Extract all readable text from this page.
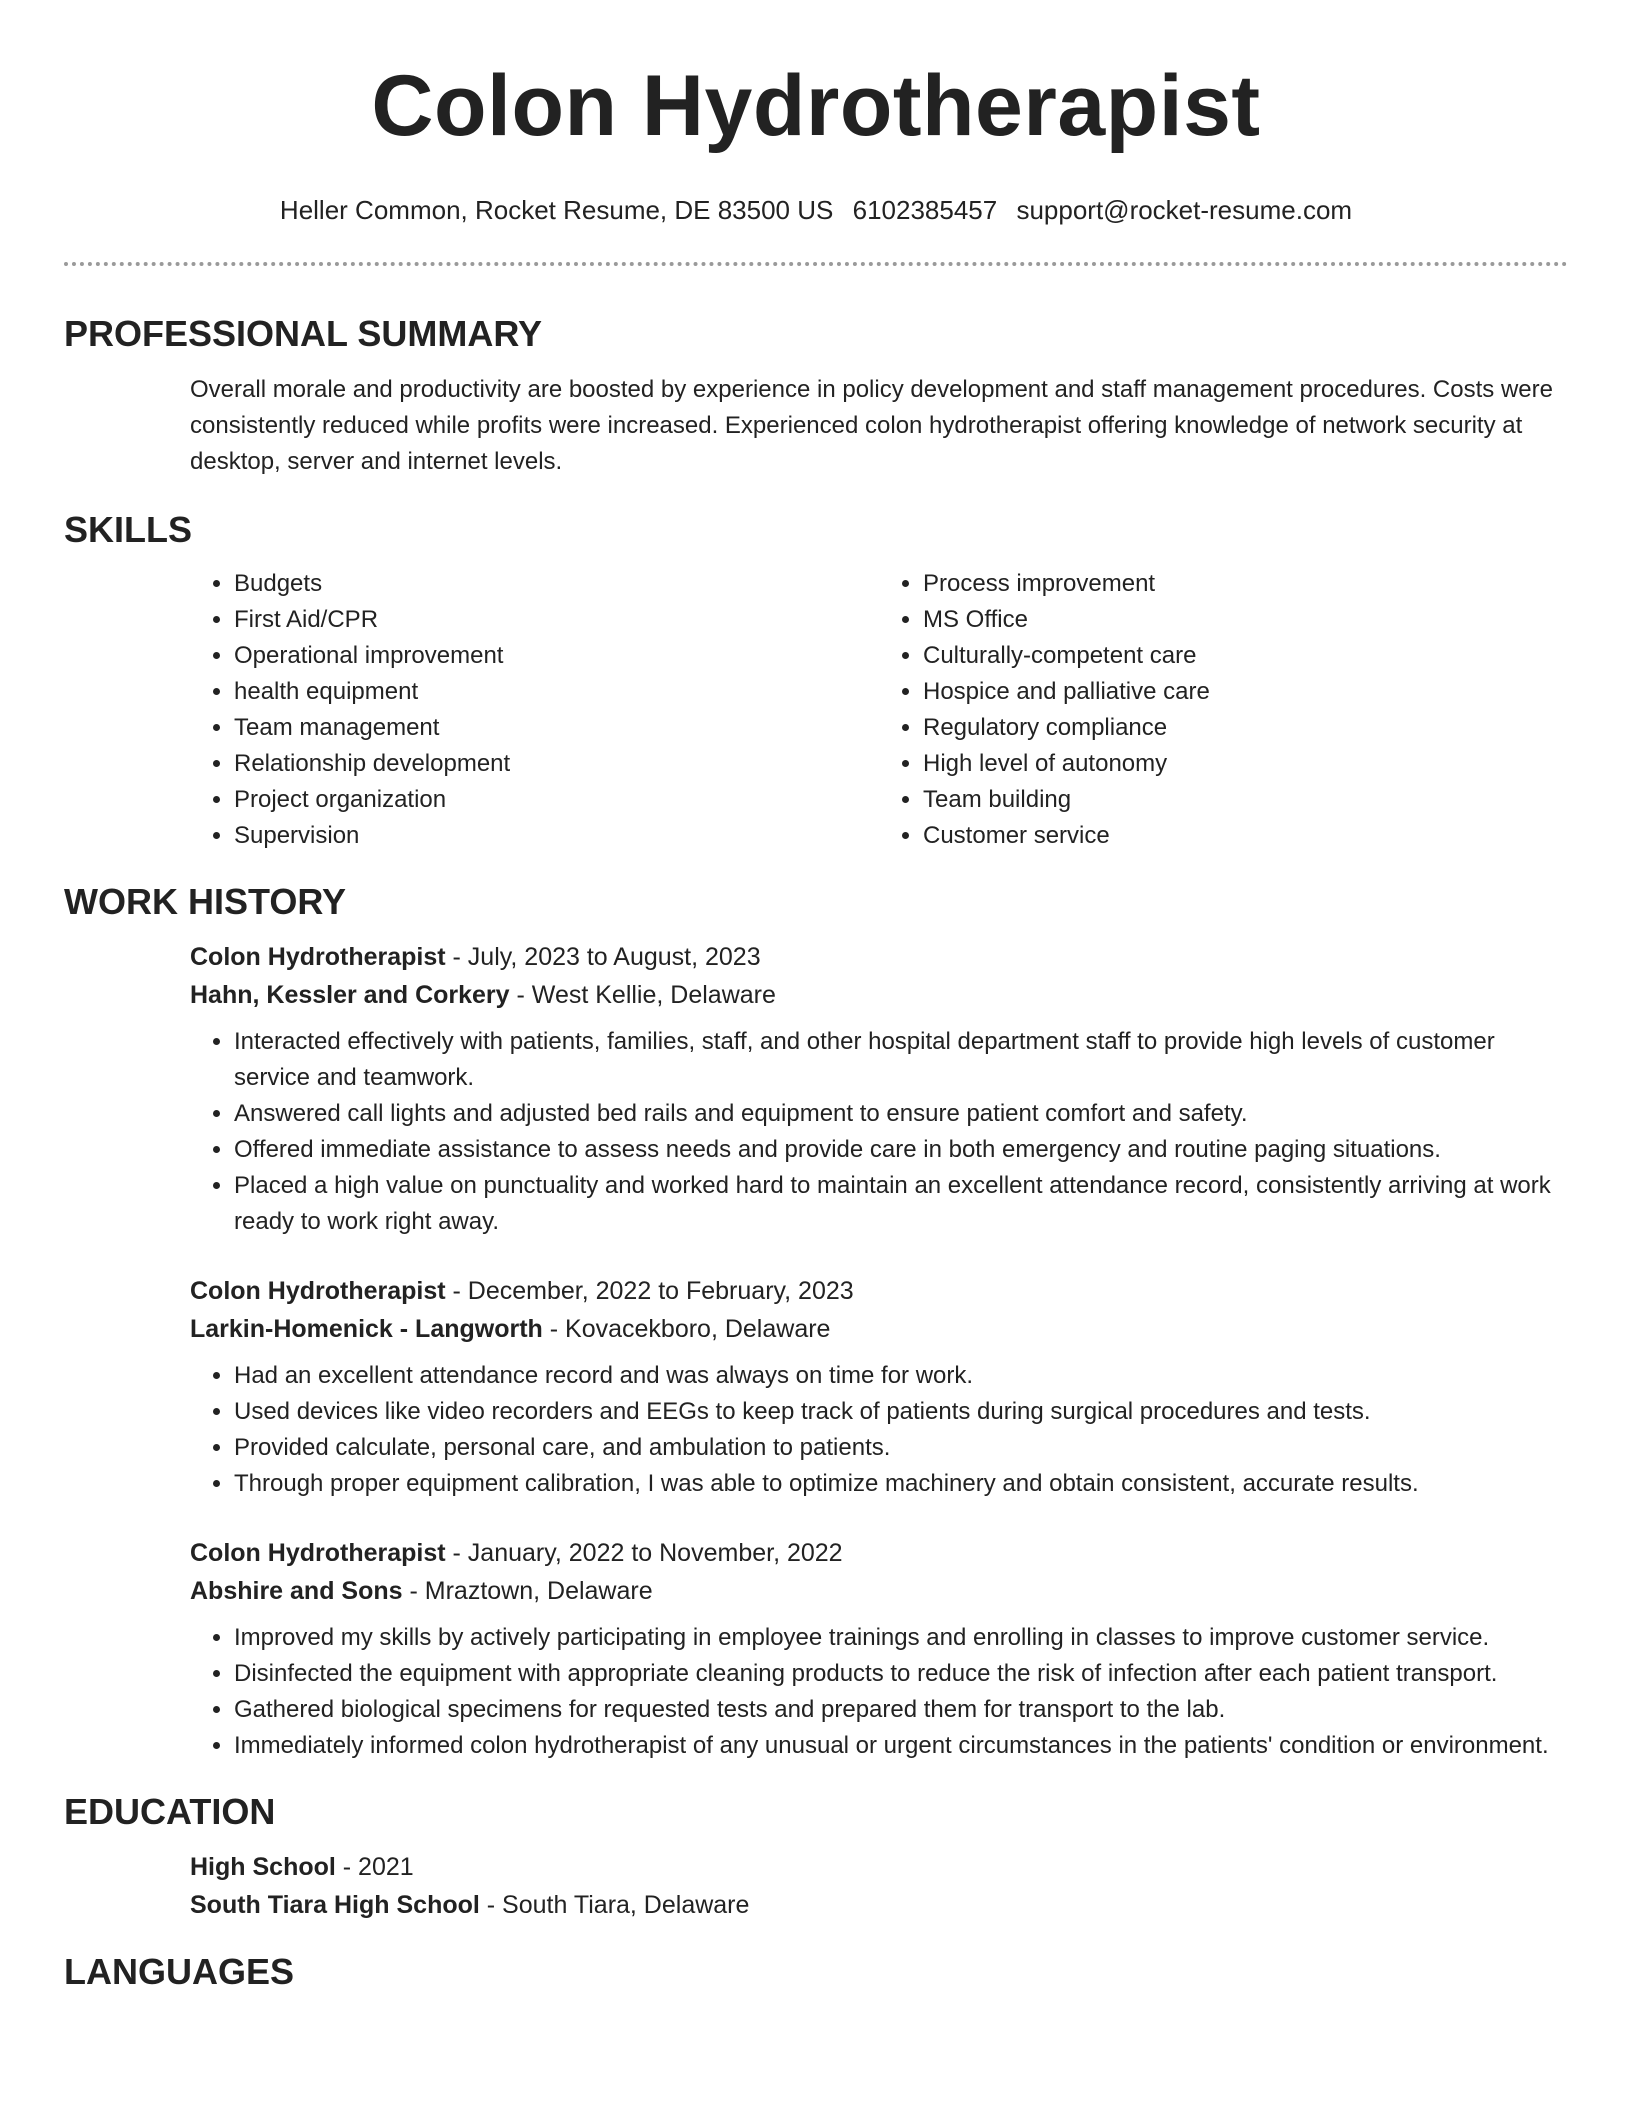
Colon Hydrotherapist
Heller Common, Rocket Resume, DE 83500 US 6102385457 support@rocket-resume.com
PROFESSIONAL SUMMARY

Overall morale and productivity are boosted by experience in policy development and staff management procedures. Costs were consistently reduced while profits were increased. Experienced colon hydrotherapist offering knowledge of network security at desktop, server and internet levels.

SKILLS
• Budgets
• First Aid/CPR
• Operational improvement
• health equipment
• Team management
• Relationship development
• Project organization
• Supervision
• Process improvement
• MS Office
• Culturally-competent care
• Hospice and palliative care
• Regulatory compliance
• High level of autonomy
• Team building
• Customer service
WORK HISTORY
Colon Hydrotherapist - July, 2023 to August, 2023
Hahn, Kessler and Corkery - West Kellie, Delaware
• Interacted effectively with patients, families, staff, and other hospital department staff to provide high levels of customer service and teamwork.
• Answered call lights and adjusted bed rails and equipment to ensure patient comfort and safety.
• Offered immediate assistance to assess needs and provide care in both emergency and routine paging situations.
• Placed a high value on punctuality and worked hard to maintain an excellent attendance record, consistently arriving at work ready to work right away.
Colon Hydrotherapist - December, 2022 to February, 2023
Larkin-Homenick - Langworth - Kovacekboro, Delaware
• Had an excellent attendance record and was always on time for work.
• Used devices like video recorders and EEGs to keep track of patients during surgical procedures and tests.
• Provided calculate, personal care, and ambulation to patients.
• Through proper equipment calibration, I was able to optimize machinery and obtain consistent, accurate results.
Colon Hydrotherapist - January, 2022 to November, 2022
Abshire and Sons - Mraztown, Delaware
• Improved my skills by actively participating in employee trainings and enrolling in classes to improve customer service.
• Disinfected the equipment with appropriate cleaning products to reduce the risk of infection after each patient transport.
• Gathered biological specimens for requested tests and prepared them for transport to the lab.
• Immediately informed colon hydrotherapist of any unusual or urgent circumstances in the patients' condition or environment.
EDUCATION
High School - 2021
South Tiara High School - South Tiara, Delaware
LANGUAGES
